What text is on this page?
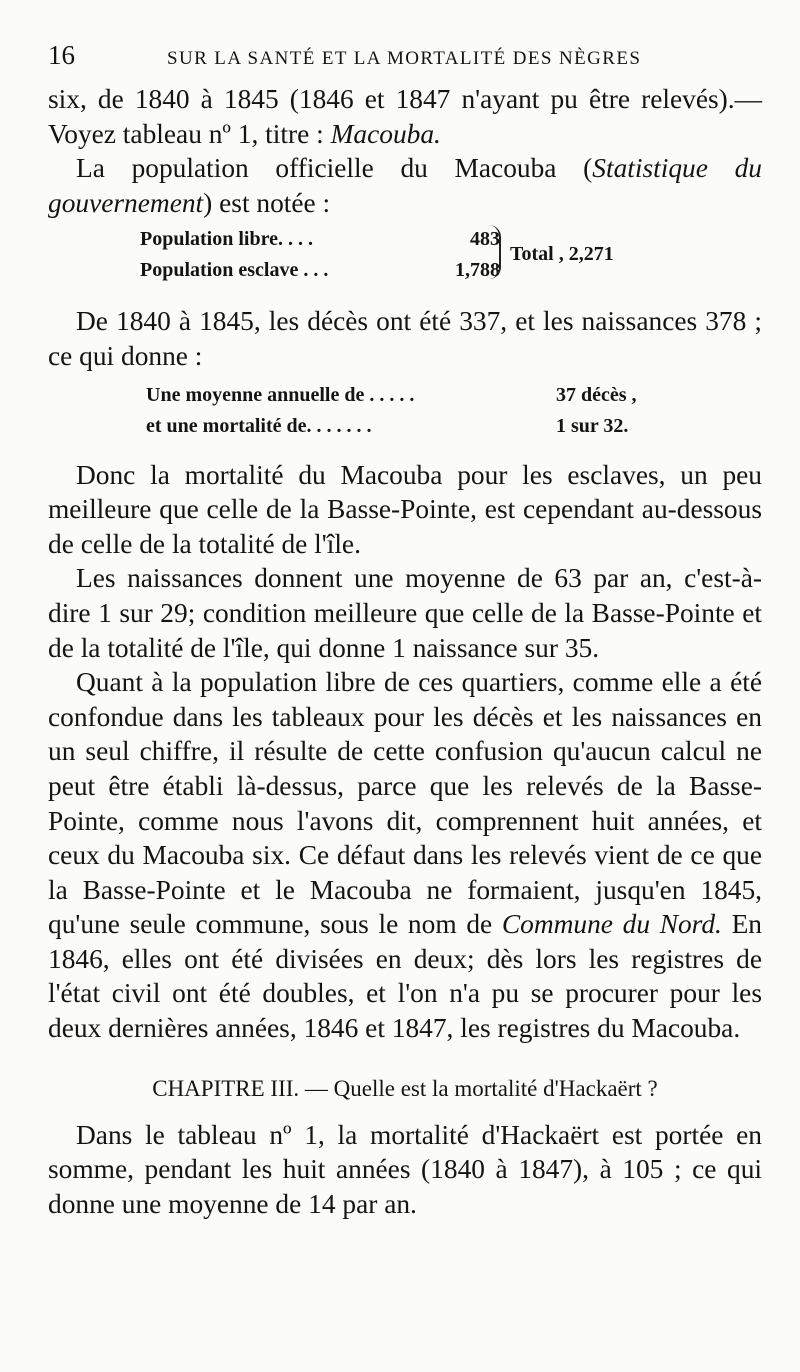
16	SUR LA SANTÉ ET LA MORTALITÉ DES NÈGRES

six, de 1840 à 1845 (1846 et 1847 n'ayant pu être relevés).— Voyez tableau nº 1, titre : Macouba.

La population officielle du Macouba (Statistique du gouvernement) est notée :

Population libre. . . .	483
Population esclave . . .	1,788
Total , 2,271

De 1840 à 1845, les décès ont été 337, et les naissances 378 ; ce qui donne :

Une moyenne annuelle de . . . . .	37 décès ,
et une mortalité de. . . . . . .	1 sur 32.

Donc la mortalité du Macouba pour les esclaves, un peu meilleure que celle de la Basse-Pointe, est cependant au-dessous de celle de la totalité de l'île.

Les naissances donnent une moyenne de 63 par an, c'est-à-dire 1 sur 29; condition meilleure que celle de la Basse-Pointe et de la totalité de l'île, qui donne 1 naissance sur 35.

Quant à la population libre de ces quartiers, comme elle a été confondue dans les tableaux pour les décès et les naissances en un seul chiffre, il résulte de cette confusion qu'aucun calcul ne peut être établi là-dessus, parce que les relevés de la Basse-Pointe, comme nous l'avons dit, comprennent huit années, et ceux du Macouba six. Ce défaut dans les relevés vient de ce que la Basse-Pointe et le Macouba ne formaient, jusqu'en 1845, qu'une seule commune, sous le nom de Commune du Nord. En 1846, elles ont été divisées en deux; dès lors les registres de l'état civil ont été doubles, et l'on n'a pu se procurer pour les deux dernières années, 1846 et 1847, les registres du Macouba.

CHAPITRE III. — Quelle est la mortalité d'Hackaërt ?

Dans le tableau nº 1, la mortalité d'Hackaërt est portée en somme, pendant les huit années (1840 à 1847), à 105 ; ce qui donne une moyenne de 14 par an.
